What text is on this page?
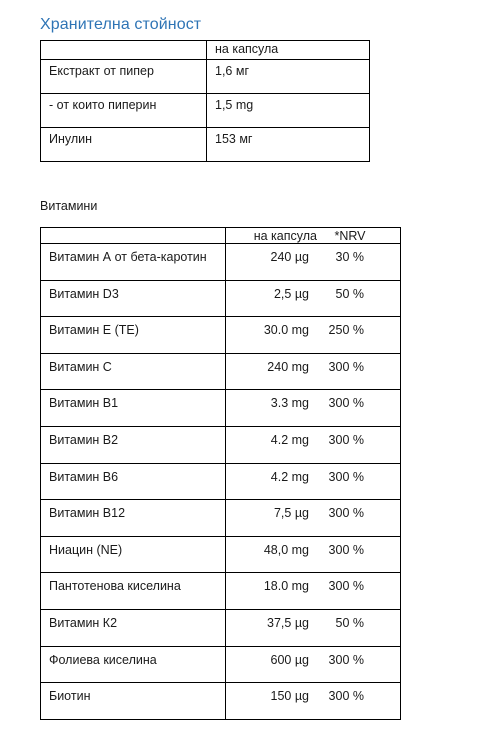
Хранителна стойност
	на капсула
Екстракт от пипер	1,6 мг
- от които пиперин	1,5 mg
Инулин	153 мг
Витамини
	на капсула *NRV
Витамин А от бета-каротин	240 µg 30 %
Витамин D3	2,5 µg 50 %
Витамин Е (ТЕ)	30.0 mg 250 %
Витамин С	240 mg 300 %
Витамин В1	3.3 mg 300 %
Витамин В2	4.2 mg 300 %
Витамин В6	4.2 mg 300 %
Витамин В12	7,5 µg 300 %
Ниацин (NE)	48,0 mg 300 %
Пантотенова киселина	18.0 mg 300 %
Витамин К2	37,5 µg 50 %
Фолиева киселина	600 µg 300 %
Биотин	150 µg 300 %
